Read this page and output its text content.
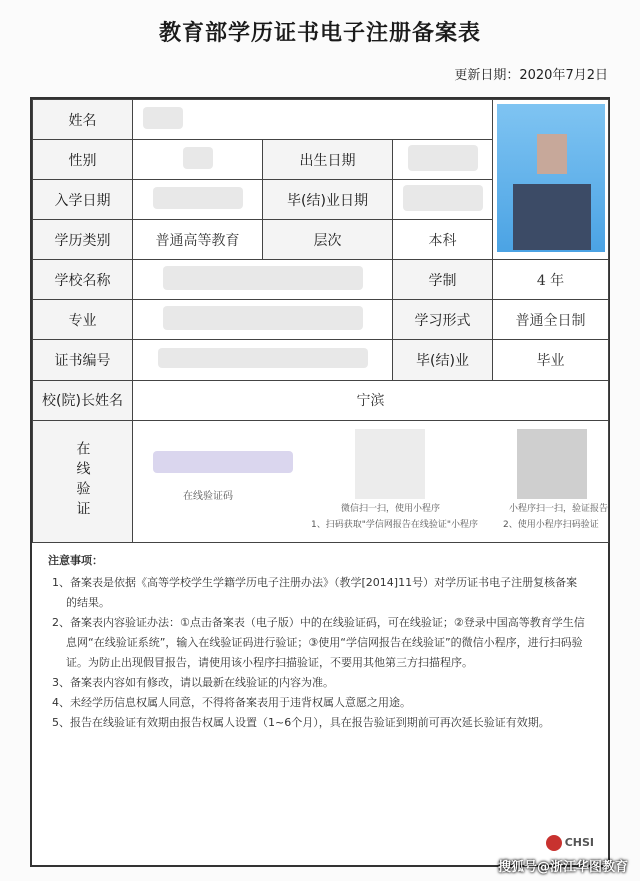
教育部学历证书电子注册备案表
更新日期：2020年7月2日
姓名				

性别		出生日期		
入学日期		毕(结)业日期		
学历类别	普通高等教育	层次	本科	
学校名称			学制	4 年
专业			学习形式	普通全日制
证书编号			毕(结)业	毕业
校(院)长姓名	宁滨			
在线验证	在线验证码
微信扫一扫，使用小程序
1、扫码获取"学信网报告在线验证"小程序
小程序扫一扫，验证报告
2、使用小程序扫码验证			
注意事项：
1、备案表是依据《高等学校学生学籍学历电子注册办法》（教学[2014]11号）对学历证书电子注册复核备案的结果。
2、备案表内容验证办法：①点击备案表（电子版）中的在线验证码，可在线验证；②登录中国高等教育学生信息网“在线验证系统”，输入在线验证码进行验证；③使用“学信网报告在线验证”的微信小程序，进行扫码验证。为防止出现假冒报告，请使用该小程序扫描验证，不要用其他第三方扫描程序。
3、备案表内容如有修改，请以最新在线验证的内容为准。
4、未经学历信息权属人同意，不得将备案表用于违背权属人意愿之用途。
5、报告在线验证有效期由报告权属人设置（1~6个月），具在报告验证到期前可再次延长验证有效期。
CHSI
搜狐号@浙江华图教育
